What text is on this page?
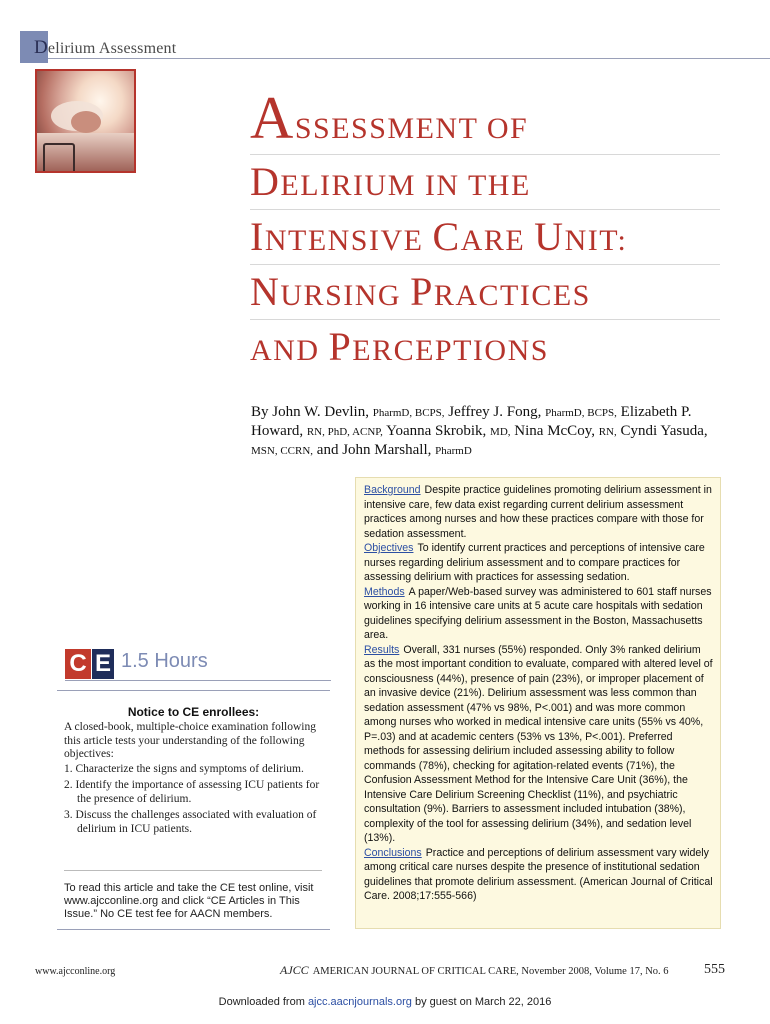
Delirium Assessment
ASSESSMENT OF
DELIRIUM IN THE
INTENSIVE CARE UNIT:
NURSING PRACTICES
AND PERCEPTIONS
By John W. Devlin, PharmD, BCPS, Jeffrey J. Fong, PharmD, BCPS, Elizabeth P. Howard, RN, PhD, ACNP, Yoanna Skrobik, MD, Nina McCoy, RN, Cyndi Yasuda, MSN, CCRN, and John Marshall, PharmD

Background Despite practice guidelines promoting delirium assessment in intensive care, few data exist regarding current delirium assessment practices among nurses and how these practices compare with those for sedation assessment.

Objectives To identify current practices and perceptions of intensive care nurses regarding delirium assessment and to compare practices for assessing delirium with practices for assessing sedation.

Methods A paper/Web-based survey was administered to 601 staff nurses working in 16 intensive care units at 5 acute care hospitals with sedation guidelines specifying delirium assessment in the Boston, Massachusetts area.

Results Overall, 331 nurses (55%) responded. Only 3% ranked delirium as the most important condition to evaluate, compared with altered level of consciousness (44%), presence of pain (23%), or improper placement of an invasive device (21%). Delirium assessment was less common than sedation assessment (47% vs 98%, P<.001) and was more common among nurses who worked in medical intensive care units (55% vs 40%, P=.03) and at academic centers (53% vs 13%, P<.001). Preferred methods for assessing delirium included assessing ability to follow commands (78%), checking for agitation-related events (71%), the Confusion Assessment Method for the Intensive Care Unit (36%), the Intensive Care Delirium Screening Checklist (11%), and psychiatric consultation (9%). Barriers to assessment included intubation (38%), complexity of the tool for assessing delirium (34%), and sedation level (13%).

Conclusions Practice and perceptions of delirium assessment vary widely among critical care nurses despite the presence of institutional sedation guidelines that promote delirium assessment. (American Journal of Critical Care. 2008;17:555-566)

C E 1.5 Hours
Notice to CE enrollees:
A closed-book, multiple-choice examination following this article tests your understanding of the following objectives:
1. Characterize the signs and symptoms of delirium.
2. Identify the importance of assessing ICU patients for the presence of delirium.
3. Discuss the challenges associated with evaluation of delirium in ICU patients.
To read this article and take the CE test online, visit www.ajcconline.org and click “CE Articles in This Issue.” No CE test fee for AACN members.
www.ajcconline.org	AJCC AMERICAN JOURNAL OF CRITICAL CARE, November 2008, Volume 17, No. 6	555
Downloaded from ajcc.aacnjournals.org by guest on March 22, 2016
